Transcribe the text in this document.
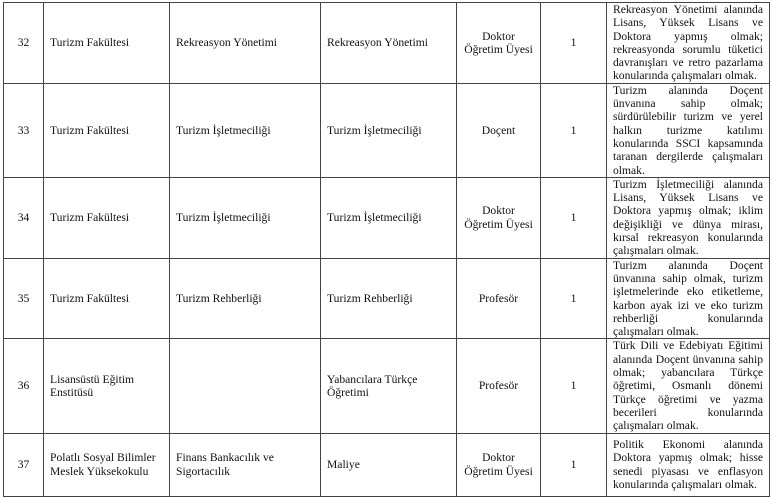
32	Turizm Fakültesi	Rekreasyon Yönetimi	Rekreasyon Yönetimi	Doktor Öğretim Üyesi	1	Rekreasyon Yönetimi alanında Lisans, Yüksek Lisans ve Doktora yapmış olmak; rekreasyonda sorumlu tüketici davranışları ve retro pazarlama konularında çalışmaları olmak.
33	Turizm Fakültesi	Turizm İşletmeciliği	Turizm İşletmeciliği	Doçent	1	Turizm alanında Doçent ünvanına sahip olmak; sürdürülebilir turizm ve yerel halkın turizme katılımı konularında SSCI kapsamında taranan dergilerde çalışmaları olmak.
34	Turizm Fakültesi	Turizm İşletmeciliği	Turizm İşletmeciliği	Doktor Öğretim Üyesi	1	Turizm İşletmeciliği alanında Lisans, Yüksek Lisans ve Doktora yapmış olmak; iklim değişikliği ve dünya mirası, kırsal rekreasyon konularında çalışmaları olmak.
35	Turizm Fakültesi	Turizm Rehberliği	Turizm Rehberliği	Profesör	1	Turizm alanında Doçent ünvanına sahip olmak, turizm işletmelerinde eko etiketleme, karbon ayak izi ve eko turizm rehberliği konularında çalışmaları olmak.
36	Lisansüstü Eğitim Enstitüsü		Yabancılara Türkçe Öğretimi	Profesör	1	Türk Dili ve Edebiyatı Eğitimi alanında Doçent ünvanına sahip olmak; yabancılara Türkçe öğretimi, Osmanlı dönemi Türkçe öğretimi ve yazma becerileri konularında çalışmaları olmak.
37	Polatlı Sosyal Bilimler Meslek Yüksekokulu	Finans Bankacılık ve Sigortacılık	Maliye	Doktor Öğretim Üyesi	1	Politik Ekonomi alanında Doktora yapmış olmak; hisse senedi piyasası ve enflasyon konularında çalışmaları olmak.
